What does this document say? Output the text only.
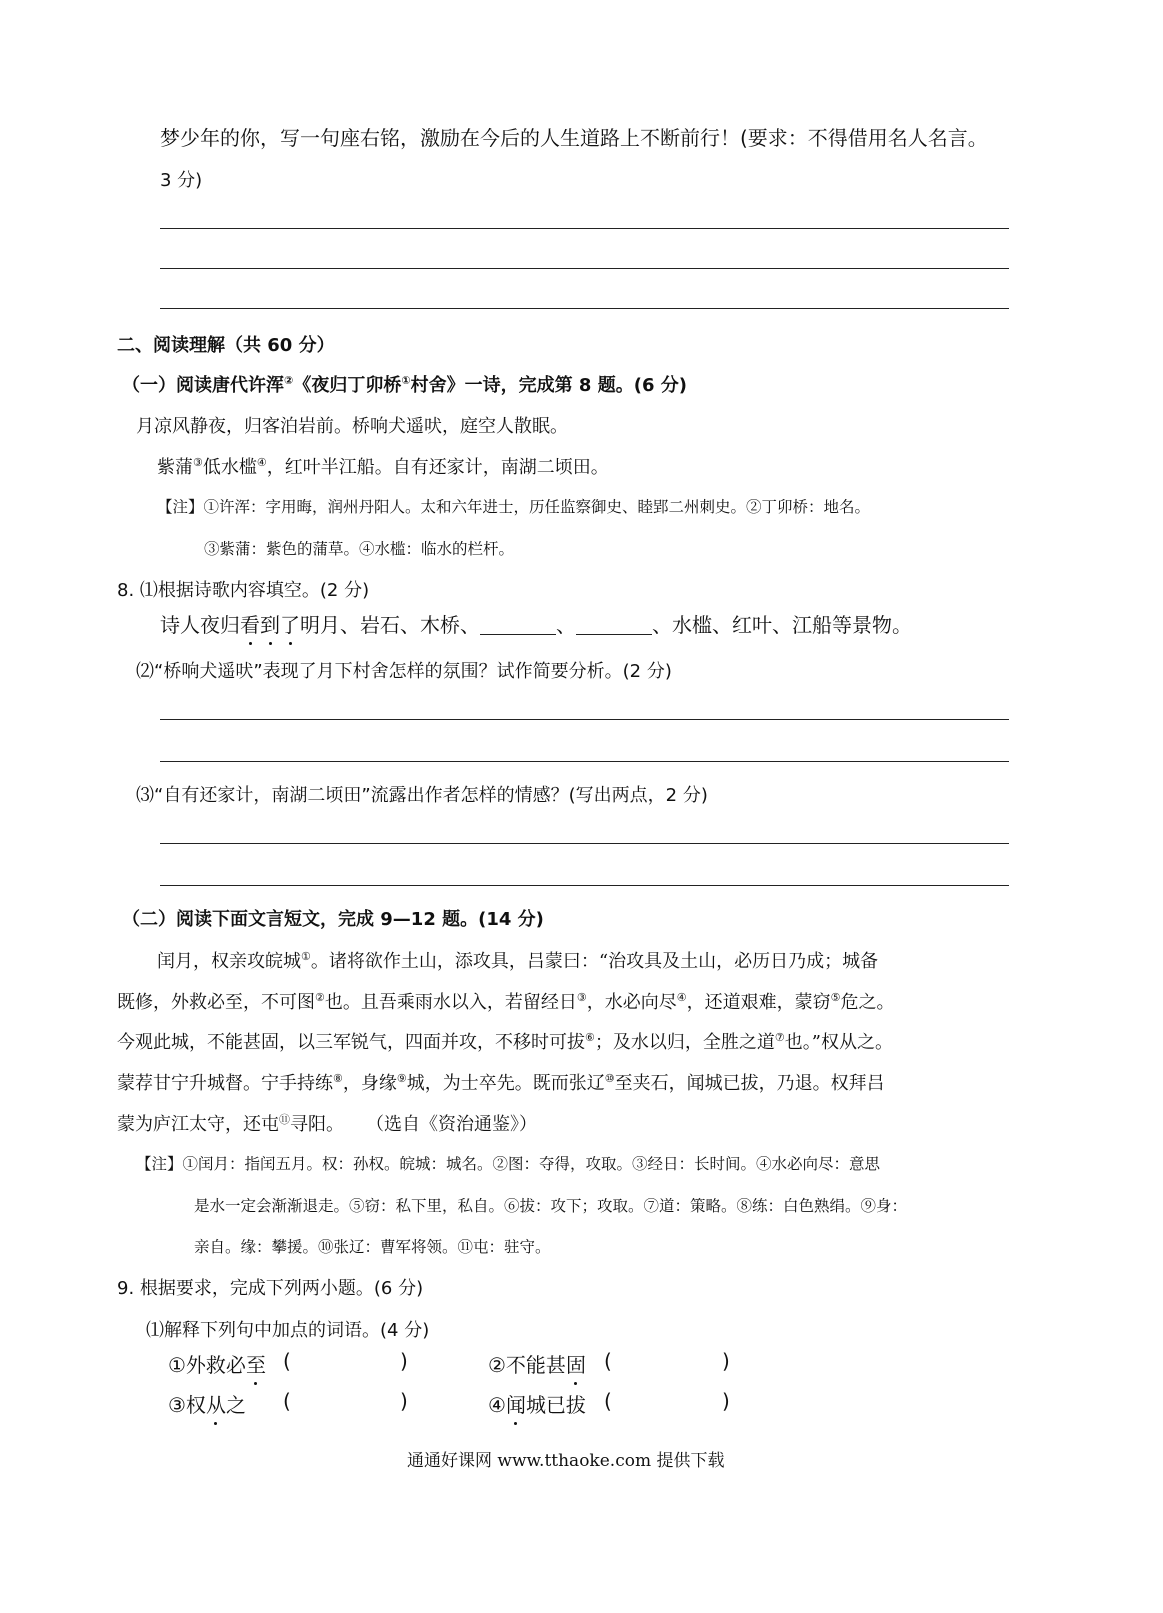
梦少年的你，写一句座右铭，激励在今后的人生道路上不断前行！(要求：不得借用名人名言。
3 分)
二、阅读理解（共 60 分）
（一）阅读唐代许浑②《夜归丁卯桥①村舍》一诗，完成第 8 题。(6 分)
月凉风静夜，归客泊岩前。桥响犬遥吠，庭空人散眠。
紫蒲③低水槛④，红叶半江船。自有还家计，南湖二顷田。
【注】①许浑：字用晦，润州丹阳人。太和六年进士，历任监察御史、睦郢二州刺史。②丁卯桥：地名。
③紫蒲：紫色的蒲草。④水槛：临水的栏杆。
8. ⑴根据诗歌内容填空。(2 分)
诗人夜归看到了明月、岩石、木桥、	、	、水槛、红叶、江船等景物。
⑵“桥响犬遥吠”表现了月下村舍怎样的氛围？试作简要分析。(2 分)
⑶“自有还家计，南湖二顷田”流露出作者怎样的情感？(写出两点，2 分)
（二）阅读下面文言短文，完成 9—12 题。(14 分)
闰月，权亲攻皖城①。诸将欲作土山，添攻具，吕蒙曰：“治攻具及土山，必历日乃成；城备
既修，外救必至，不可图②也。且吾乘雨水以入，若留经日③，水必向尽④，还道艰难，蒙窃⑤危之。
今观此城，不能甚固，以三军锐气，四面并攻，不移时可拔⑥；及水以归，全胜之道⑦也。”权从之。
蒙荐甘宁升城督。宁手持练⑧，身缘⑨城，为士卒先。既而张辽⑩至夹石，闻城已拔，乃退。权拜吕
蒙为庐江太守，还屯⑪寻阳。 （选自《资治通鉴》）
【注】①闰月：指闰五月。权：孙权。皖城：城名。②图：夺得，攻取。③经日：长时间。④水必向尽：意思
是水一定会渐渐退走。⑤窃：私下里，私自。⑥拔：攻下；攻取。⑦道：策略。⑧练：白色熟绢。⑨身：
亲自。缘：攀援。⑩张辽：曹军将领。⑪屯：驻守。
9. 根据要求，完成下列两小题。(6 分)
⑴解释下列句中加点的词语。(4 分)
①外救必至 (	)	②不能甚固 (	)
③权从之 (	)	④闻城已拔 (	)
通通好课网 www.tthaoke.com 提供下载
